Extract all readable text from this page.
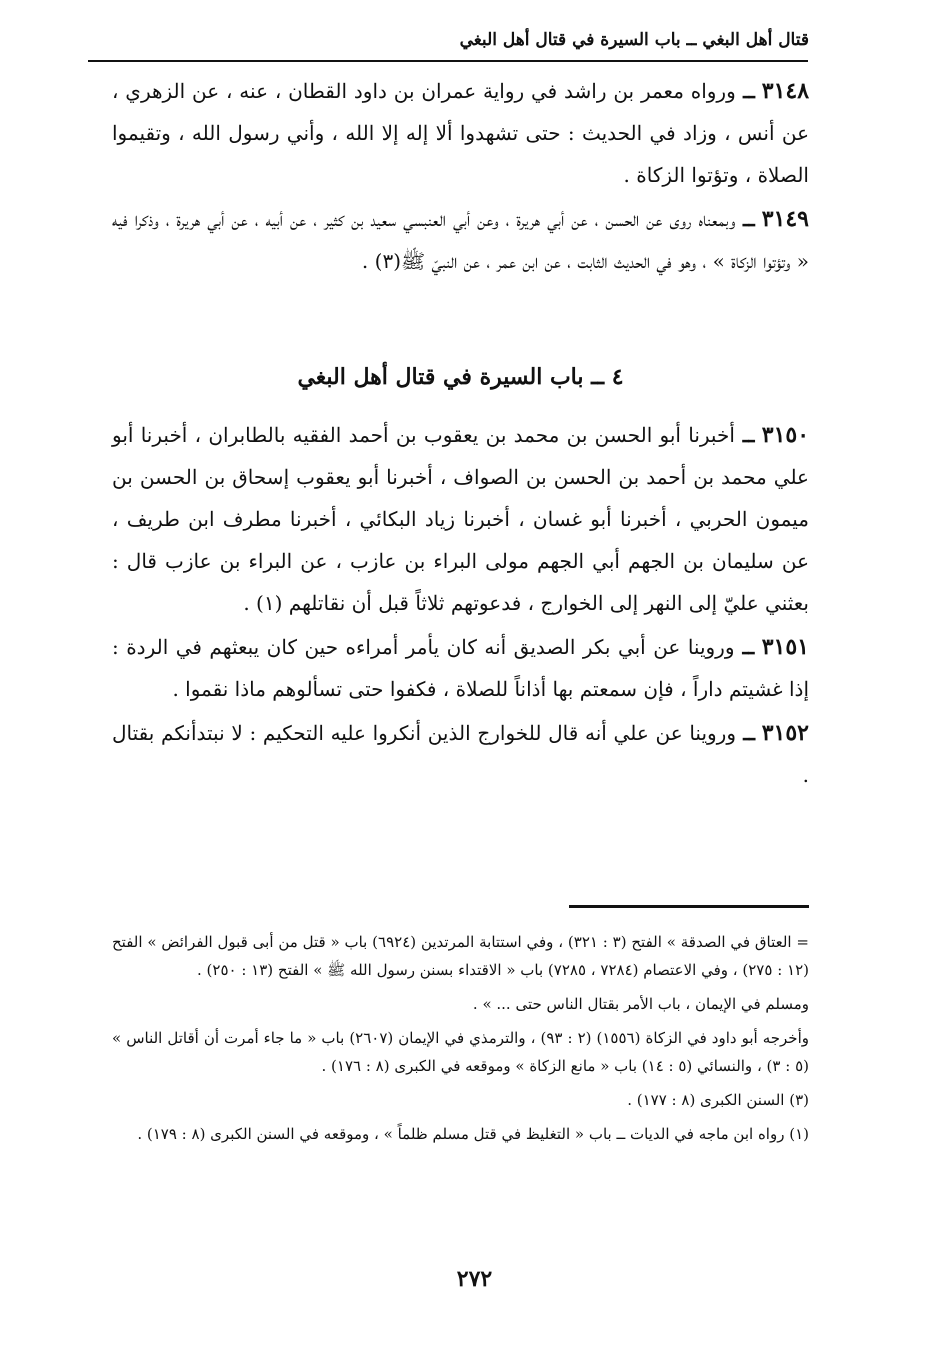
قتال أهل البغي ــ باب السيرة في قتال أهل البغي

٣١٤٨ ــ ورواه معمر بن راشد في رواية عمران بن داود القطان ، عنه ، عن الزهري ، عن أنس ، وزاد في الحديث : حتى تشهدوا ألا إله إلا الله ، وأني رسول الله ، وتقيموا الصلاة ، وتؤتوا الزكاة .

٣١٤٩ ــ وبمعناه روى عن الحسن ، عن أبي هريرة ، وعن أبي العنبسي سعيد بن كثير ، عن أبيه ، عن أبي هريرة ، وذكرا فيه « وتؤتوا الزكاة » ، وهو في الحديث الثابت ، عن ابن عمر ، عن النبيّ ﷺ(٣) .

٤ ــ باب السيرة في قتال أهل البغي

٣١٥٠ ــ أخبرنا أبو الحسن بن محمد بن يعقوب بن أحمد الفقيه بالطابران ، أخبرنا أبو علي محمد بن أحمد بن الحسن بن الصواف ، أخبرنا أبو يعقوب إسحاق بن الحسن بن ميمون الحربي ، أخبرنا أبو غسان ، أخبرنا زياد البكائي ، أخبرنا مطرف ابن طريف ، عن سليمان بن الجهم أبي الجهم مولى البراء بن عازب ، عن البراء بن عازب قال : بعثني عليّ إلى النهر إلى الخوارج ، فدعوتهم ثلاثاً قبل أن نقاتلهم (١) .

٣١٥١ ــ وروينا عن أبي بكر الصديق أنه كان يأمر أمراءه حين كان يبعثهم في الردة : إذا غشيتم داراً ، فإن سمعتم بها أذاناً للصلاة ، فكفوا حتى تسألوهم ماذا نقموا .

٣١٥٢ ــ وروينا عن علي أنه قال للخوارج الذين أنكروا عليه التحكيم : لا نبتدأنكم بقتال .

= العتاق في الصدقة » الفتح (٣ : ٣٢١) ، وفي استتابة المرتدين (٦٩٢٤) باب « قتل من أبى قبول الفرائض » الفتح (١٢ : ٢٧٥) ، وفي الاعتصام (٧٢٨٤ ، ٧٢٨٥) باب « الاقتداء بسنن رسول الله ﷺ » الفتح (١٣ : ٢٥٠) .

ومسلم في الإيمان ، باب الأمر بقتال الناس حتى ... » .

وأخرجه أبو داود في الزكاة (١٥٥٦) (٢ : ٩٣) ، والترمذي في الإيمان (٢٦٠٧) باب « ما جاء أمرت أن أقاتل الناس » (٥ : ٣) ، والنسائي (٥ : ١٤) باب « مانع الزكاة » وموقعه في الكبرى (٨ : ١٧٦) .

(٣) السنن الكبرى (٨ : ١٧٧) .

(١) رواه ابن ماجه في الديات ــ باب « التغليظ في قتل مسلم ظلماً » ، وموقعه في السنن الكبرى (٨ : ١٧٩) .

٢٧٢
